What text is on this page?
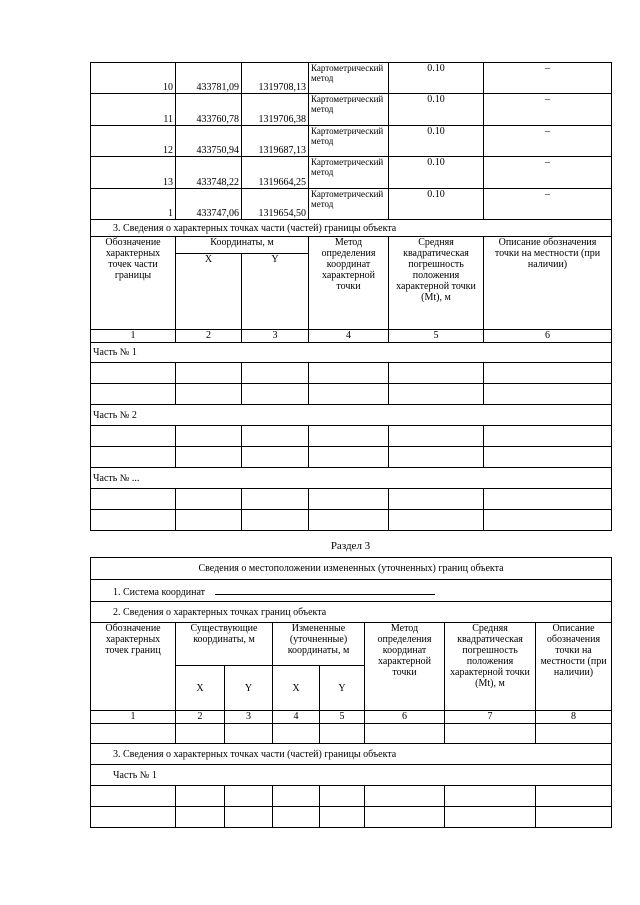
10	433781,09	1319708,13	Картометрический метод	0.10	–
11	433760,78	1319706,38	Картометрический метод	0.10	–
12	433750,94	1319687,13	Картометрический метод	0.10	–
13	433748,22	1319664,25	Картометрический метод	0.10	–
1	433747,06	1319654,50	Картометрический метод	0.10	–
3. Сведения о характерных точках части (частей) границы объекта					
Обозначение характерных точек части границы	Координаты, м		Метод определения координат характерной точки	Средняя квадратическая погрешность положения характерной точки (Mt), м	Описание обозначения точки на местности (при наличии)
	X	Y			
1	2	3	4	5	6
Часть № 1					

Часть № 2					

Часть № ...					

Раздел 3
Сведения о местоположении измененных (уточненных) границ объекта							
1. Система координат							
2. Сведения о характерных точках границ объекта							
Обозначение характерных точек границ	Существующие координаты, м		Измененные (уточненные) координаты, м		Метод определения координат характерной точки	Средняя квадратическая погрешность положения характерной точки (Mt), м	Описание обозначения точки на местности (при наличии)
	X	Y	X	Y			
1	2	3	4	5	6	7	8

3. Сведения о характерных точках части (частей) границы объекта							
Часть № 1							
